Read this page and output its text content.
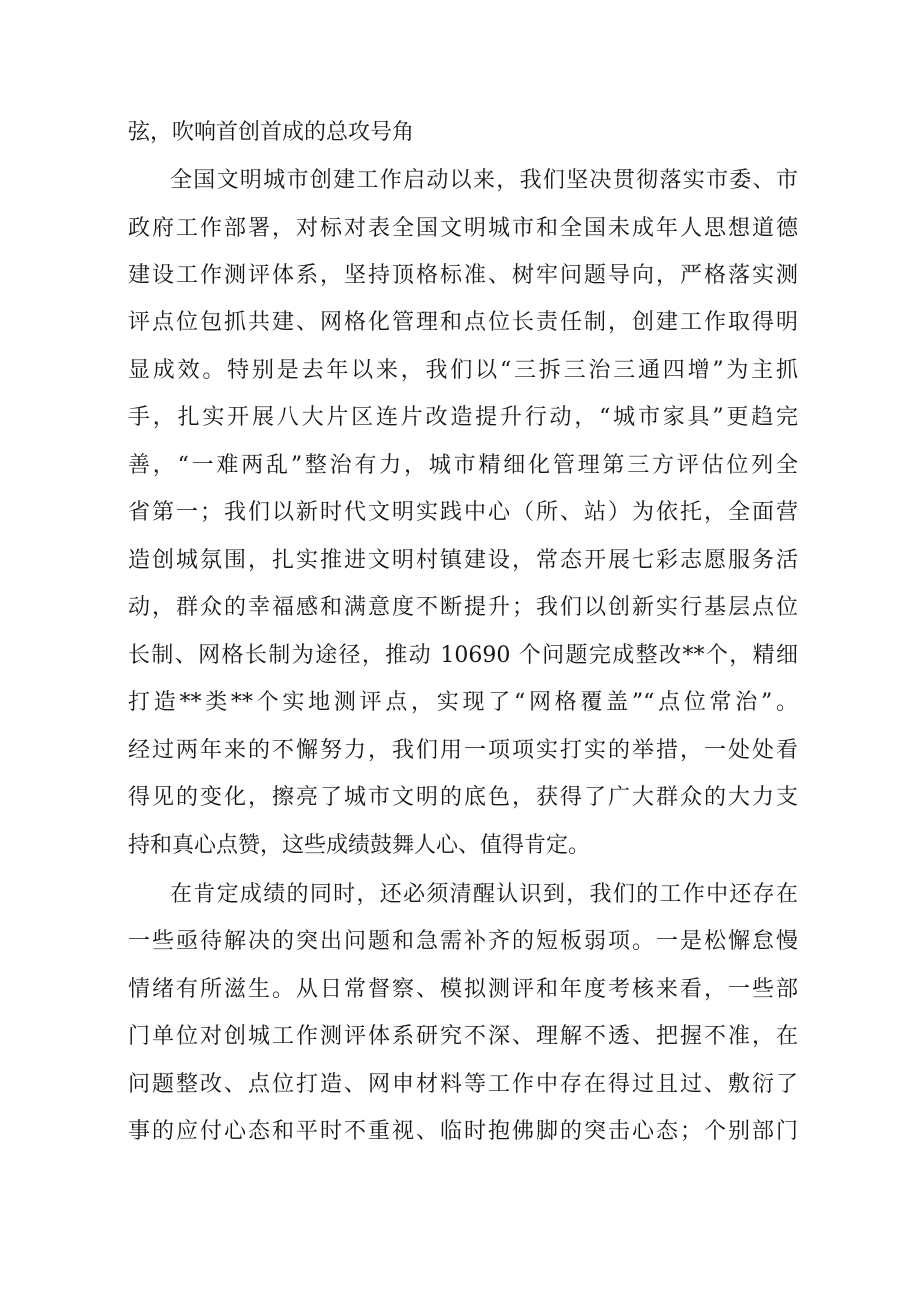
弦，吹响首创首成的总攻号角

全国文明城市创建工作启动以来，我们坚决贯彻落实市委、市

政府工作部署，对标对表全国文明城市和全国未成年人思想道德

建设工作测评体系，坚持顶格标准、树牢问题导向，严格落实测

评点位包抓共建、网格化管理和点位长责任制，创建工作取得明

显成效。特别是去年以来，我们以“三拆三治三通四增”为主抓

手，扎实开展八大片区连片改造提升行动，“城市家具”更趋完

善，“一难两乱”整治有力，城市精细化管理第三方评估位列全

省第一；我们以新时代文明实践中心（所、站）为依托，全面营

造创城氛围，扎实推进文明村镇建设，常态开展七彩志愿服务活

动，群众的幸福感和满意度不断提升；我们以创新实行基层点位

长制、网格长制为途径，推动 10690 个问题完成整改**个，精细

打造**类**个实地测评点，实现了“网格覆盖”“点位常治”。

经过两年来的不懈努力，我们用一项项实打实的举措，一处处看

得见的变化，擦亮了城市文明的底色，获得了广大群众的大力支

持和真心点赞，这些成绩鼓舞人心、值得肯定。

在肯定成绩的同时，还必须清醒认识到，我们的工作中还存在

一些亟待解决的突出问题和急需补齐的短板弱项。一是松懈怠慢

情绪有所滋生。从日常督察、模拟测评和年度考核来看，一些部

门单位对创城工作测评体系研究不深、理解不透、把握不准，在

问题整改、点位打造、网申材料等工作中存在得过且过、敷衍了

事的应付心态和平时不重视、临时抱佛脚的突击心态；个别部门
